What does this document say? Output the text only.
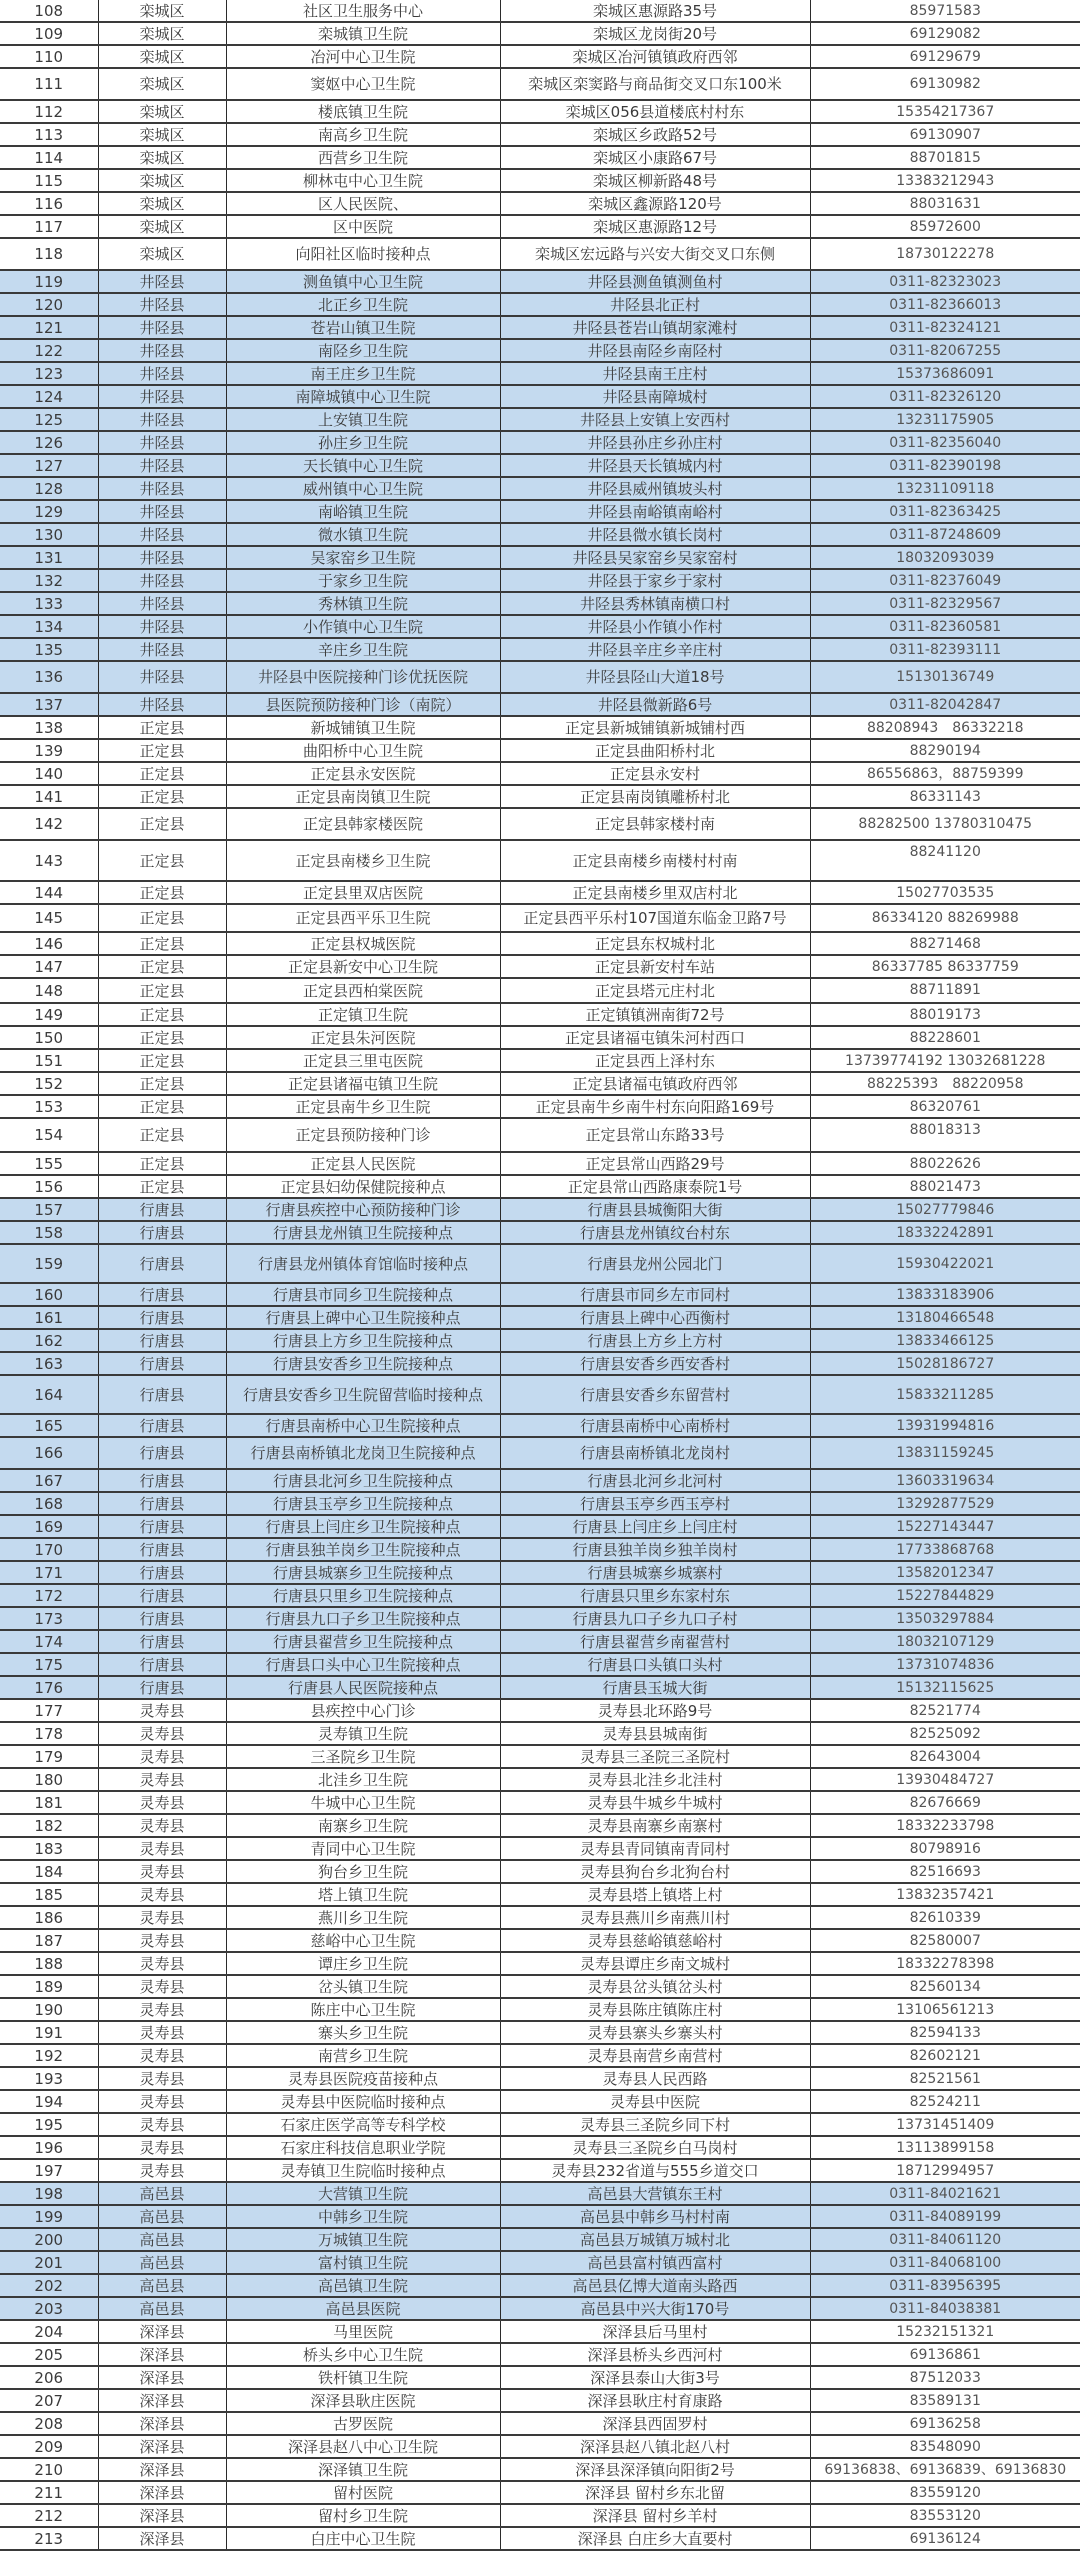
108	栾城区	社区卫生服务中心	栾城区惠源路35号	85971583
109	栾城区	栾城镇卫生院	栾城区龙岗街20号	69129082
110	栾城区	冶河中心卫生院	栾城区冶河镇镇政府西邻	69129679
111	栾城区	窦妪中心卫生院	栾城区栾窦路与商品街交叉口东100米	69130982
112	栾城区	楼底镇卫生院	栾城区056县道楼底村村东	15354217367
113	栾城区	南高乡卫生院	栾城区乡政路52号	69130907
114	栾城区	西营乡卫生院	栾城区小康路67号	88701815
115	栾城区	柳林屯中心卫生院	栾城区柳新路48号	13383212943
116	栾城区	区人民医院、	栾城区鑫源路120号	88031631
117	栾城区	区中医院	栾城区惠源路12号	85972600
118	栾城区	向阳社区临时接种点	栾城区宏远路与兴安大街交叉口东侧	18730122278
119	井陉县	测鱼镇中心卫生院	井陉县测鱼镇测鱼村	0311-82323023
120	井陉县	北正乡卫生院	井陉县北正村	0311-82366013
121	井陉县	苍岩山镇卫生院	井陉县苍岩山镇胡家滩村	0311-82324121
122	井陉县	南陉乡卫生院	井陉县南陉乡南陉村	0311-82067255
123	井陉县	南王庄乡卫生院	井陉县南王庄村	15373686091
124	井陉县	南障城镇中心卫生院	井陉县南障城村	0311-82326120
125	井陉县	上安镇卫生院	井陉县上安镇上安西村	13231175905
126	井陉县	孙庄乡卫生院	井陉县孙庄乡孙庄村	0311-82356040
127	井陉县	天长镇中心卫生院	井陉县天长镇城内村	0311-82390198
128	井陉县	威州镇中心卫生院	井陉县威州镇坡头村	13231109118
129	井陉县	南峪镇卫生院	井陉县南峪镇南峪村	0311-82363425
130	井陉县	微水镇卫生院	井陉县微水镇长岗村	0311-87248609
131	井陉县	吴家窑乡卫生院	井陉县吴家窑乡吴家窑村	18032093039
132	井陉县	于家乡卫生院	井陉县于家乡于家村	0311-82376049
133	井陉县	秀林镇卫生院	井陉县秀林镇南横口村	0311-82329567
134	井陉县	小作镇中心卫生院	井陉县小作镇小作村	0311-82360581
135	井陉县	辛庄乡卫生院	井陉县辛庄乡辛庄村	0311-82393111
136	井陉县	井陉县中医院接种门诊优抚医院	井陉县陉山大道18号	15130136749
137	井陉县	县医院预防接种门诊（南院）	井陉县微新路6号	0311-82042847
138	正定县	新城铺镇卫生院	正定县新城铺镇新城铺村西	88208943　86332218
139	正定县	曲阳桥中心卫生院	正定县曲阳桥村北	88290194
140	正定县	正定县永安医院	正定县永安村	86556863，88759399
141	正定县	正定县南岗镇卫生院	正定县南岗镇雕桥村北	86331143
142	正定县	正定县韩家楼医院	正定县韩家楼村南	88282500 13780310475
143	正定县	正定县南楼乡卫生院	正定县南楼乡南楼村村南	88241120
144	正定县	正定县里双店医院	正定县南楼乡里双店村北	15027703535
145	正定县	正定县西平乐卫生院	正定县西平乐村107国道东临金卫路7号	86334120 88269988
146	正定县	正定县权城医院	正定县东权城村北	88271468
147	正定县	正定县新安中心卫生院	正定县新安村车站	86337785 86337759
148	正定县	正定县西柏棠医院	正定县塔元庄村北	88711891
149	正定县	正定镇卫生院	正定镇镇洲南街72号	88019173
150	正定县	正定县朱河医院	正定县诸福屯镇朱河村西口	88228601
151	正定县	正定县三里屯医院	正定县西上泽村东	13739774192 13032681228
152	正定县	正定县诸福屯镇卫生院	正定县诸福屯镇政府西邻	88225393　88220958
153	正定县	正定县南牛乡卫生院	正定县南牛乡南牛村东向阳路169号	86320761
154	正定县	正定县预防接种门诊	正定县常山东路33号	88018313
155	正定县	正定县人民医院	正定县常山西路29号	88022626
156	正定县	正定县妇幼保健院接种点	正定县常山西路康泰院1号	88021473
157	行唐县	行唐县疾控中心预防接种门诊	行唐县县城衡阳大街	15027779846
158	行唐县	行唐县龙州镇卫生院接种点	行唐县龙州镇纹台村东	18332242891
159	行唐县	行唐县龙州镇体育馆临时接种点	行唐县龙州公园北门	15930422021
160	行唐县	行唐县市同乡卫生院接种点	行唐县市同乡左市同村	13833183906
161	行唐县	行唐县上碑中心卫生院接种点	行唐县上碑中心西衡村	13180466548
162	行唐县	行唐县上方乡卫生院接种点	行唐县上方乡上方村	13833466125
163	行唐县	行唐县安香乡卫生院接种点	行唐县安香乡西安香村	15028186727
164	行唐县	行唐县安香乡卫生院留营临时接种点	行唐县安香乡东留营村	15833211285
165	行唐县	行唐县南桥中心卫生院接种点	行唐县南桥中心南桥村	13931994816
166	行唐县	行唐县南桥镇北龙岗卫生院接种点	行唐县南桥镇北龙岗村	13831159245
167	行唐县	行唐县北河乡卫生院接种点	行唐县北河乡北河村	13603319634
168	行唐县	行唐县玉亭乡卫生院接种点	行唐县玉亭乡西玉亭村	13292877529
169	行唐县	行唐县上闫庄乡卫生院接种点	行唐县上闫庄乡上闫庄村	15227143447
170	行唐县	行唐县独羊岗乡卫生院接种点	行唐县独羊岗乡独羊岗村	17733868768
171	行唐县	行唐县城寨乡卫生院接种点	行唐县城寨乡城寨村	13582012347
172	行唐县	行唐县只里乡卫生院接种点	行唐县只里乡东家村东	15227844829
173	行唐县	行唐县九口子乡卫生院接种点	行唐县九口子乡九口子村	13503297884
174	行唐县	行唐县翟营乡卫生院接种点	行唐县翟营乡南翟营村	18032107129
175	行唐县	行唐县口头中心卫生院接种点	行唐县口头镇口头村	13731074836
176	行唐县	行唐县人民医院接种点	行唐县玉城大街	15132115625
177	灵寿县	县疾控中心门诊	灵寿县北环路9号	82521774
178	灵寿县	灵寿镇卫生院	灵寿县县城南街	82525092
179	灵寿县	三圣院乡卫生院	灵寿县三圣院三圣院村	82643004
180	灵寿县	北洼乡卫生院	灵寿县北洼乡北洼村	13930484727
181	灵寿县	牛城中心卫生院	灵寿县牛城乡牛城村	82676669
182	灵寿县	南寨乡卫生院	灵寿县南寨乡南寨村	18332233798
183	灵寿县	青同中心卫生院	灵寿县青同镇南青同村	80798916
184	灵寿县	狗台乡卫生院	灵寿县狗台乡北狗台村	82516693
185	灵寿县	塔上镇卫生院	灵寿县塔上镇塔上村	13832357421
186	灵寿县	燕川乡卫生院	灵寿县燕川乡南燕川村	82610339
187	灵寿县	慈峪中心卫生院	灵寿县慈峪镇慈峪村	82580007
188	灵寿县	谭庄乡卫生院	灵寿县谭庄乡南文城村	18332278398
189	灵寿县	岔头镇卫生院	灵寿县岔头镇岔头村	82560134
190	灵寿县	陈庄中心卫生院	灵寿县陈庄镇陈庄村	13106561213
191	灵寿县	寨头乡卫生院	灵寿县寨头乡寨头村	82594133
192	灵寿县	南营乡卫生院	灵寿县南营乡南营村	82602121
193	灵寿县	灵寿县医院疫苗接种点	灵寿县人民西路	82521561
194	灵寿县	灵寿县中医院临时接种点	灵寿县中医院	82524211
195	灵寿县	石家庄医学高等专科学校	灵寿县三圣院乡同下村	13731451409
196	灵寿县	石家庄科技信息职业学院	灵寿县三圣院乡白马岗村	13113899158
197	灵寿县	灵寿镇卫生院临时接种点	灵寿县232省道与555乡道交口	18712994957
198	高邑县	大营镇卫生院	高邑县大营镇东王村	0311-84021621
199	高邑县	中韩乡卫生院	高邑县中韩乡马村村南	0311-84089199
200	高邑县	万城镇卫生院	高邑县万城镇万城村北	0311-84061120
201	高邑县	富村镇卫生院	高邑县富村镇西富村	0311-84068100
202	高邑县	高邑镇卫生院	高邑县亿博大道南头路西	0311-83956395
203	高邑县	高邑县医院	高邑县中兴大街170号	0311-84038381
204	深泽县	马里医院	深泽县后马里村	15232151321
205	深泽县	桥头乡中心卫生院	深泽县桥头乡西河村	69136861
206	深泽县	铁杆镇卫生院	深泽县泰山大街3号	87512033
207	深泽县	深泽县耿庄医院	深泽县耿庄村育康路	83589131
208	深泽县	古罗医院	深泽县西固罗村	69136258
209	深泽县	深泽县赵八中心卫生院	深泽县赵八镇北赵八村	83548090
210	深泽县	深泽镇卫生院	深泽县深泽镇向阳街2号	69136838、69136839、69136830
211	深泽县	留村医院	深泽县 留村乡东北留	83559120
212	深泽县	留村乡卫生院	深泽县 留村乡羊村	83553120
213	深泽县	白庄中心卫生院	深泽县 白庄乡大直要村	69136124
